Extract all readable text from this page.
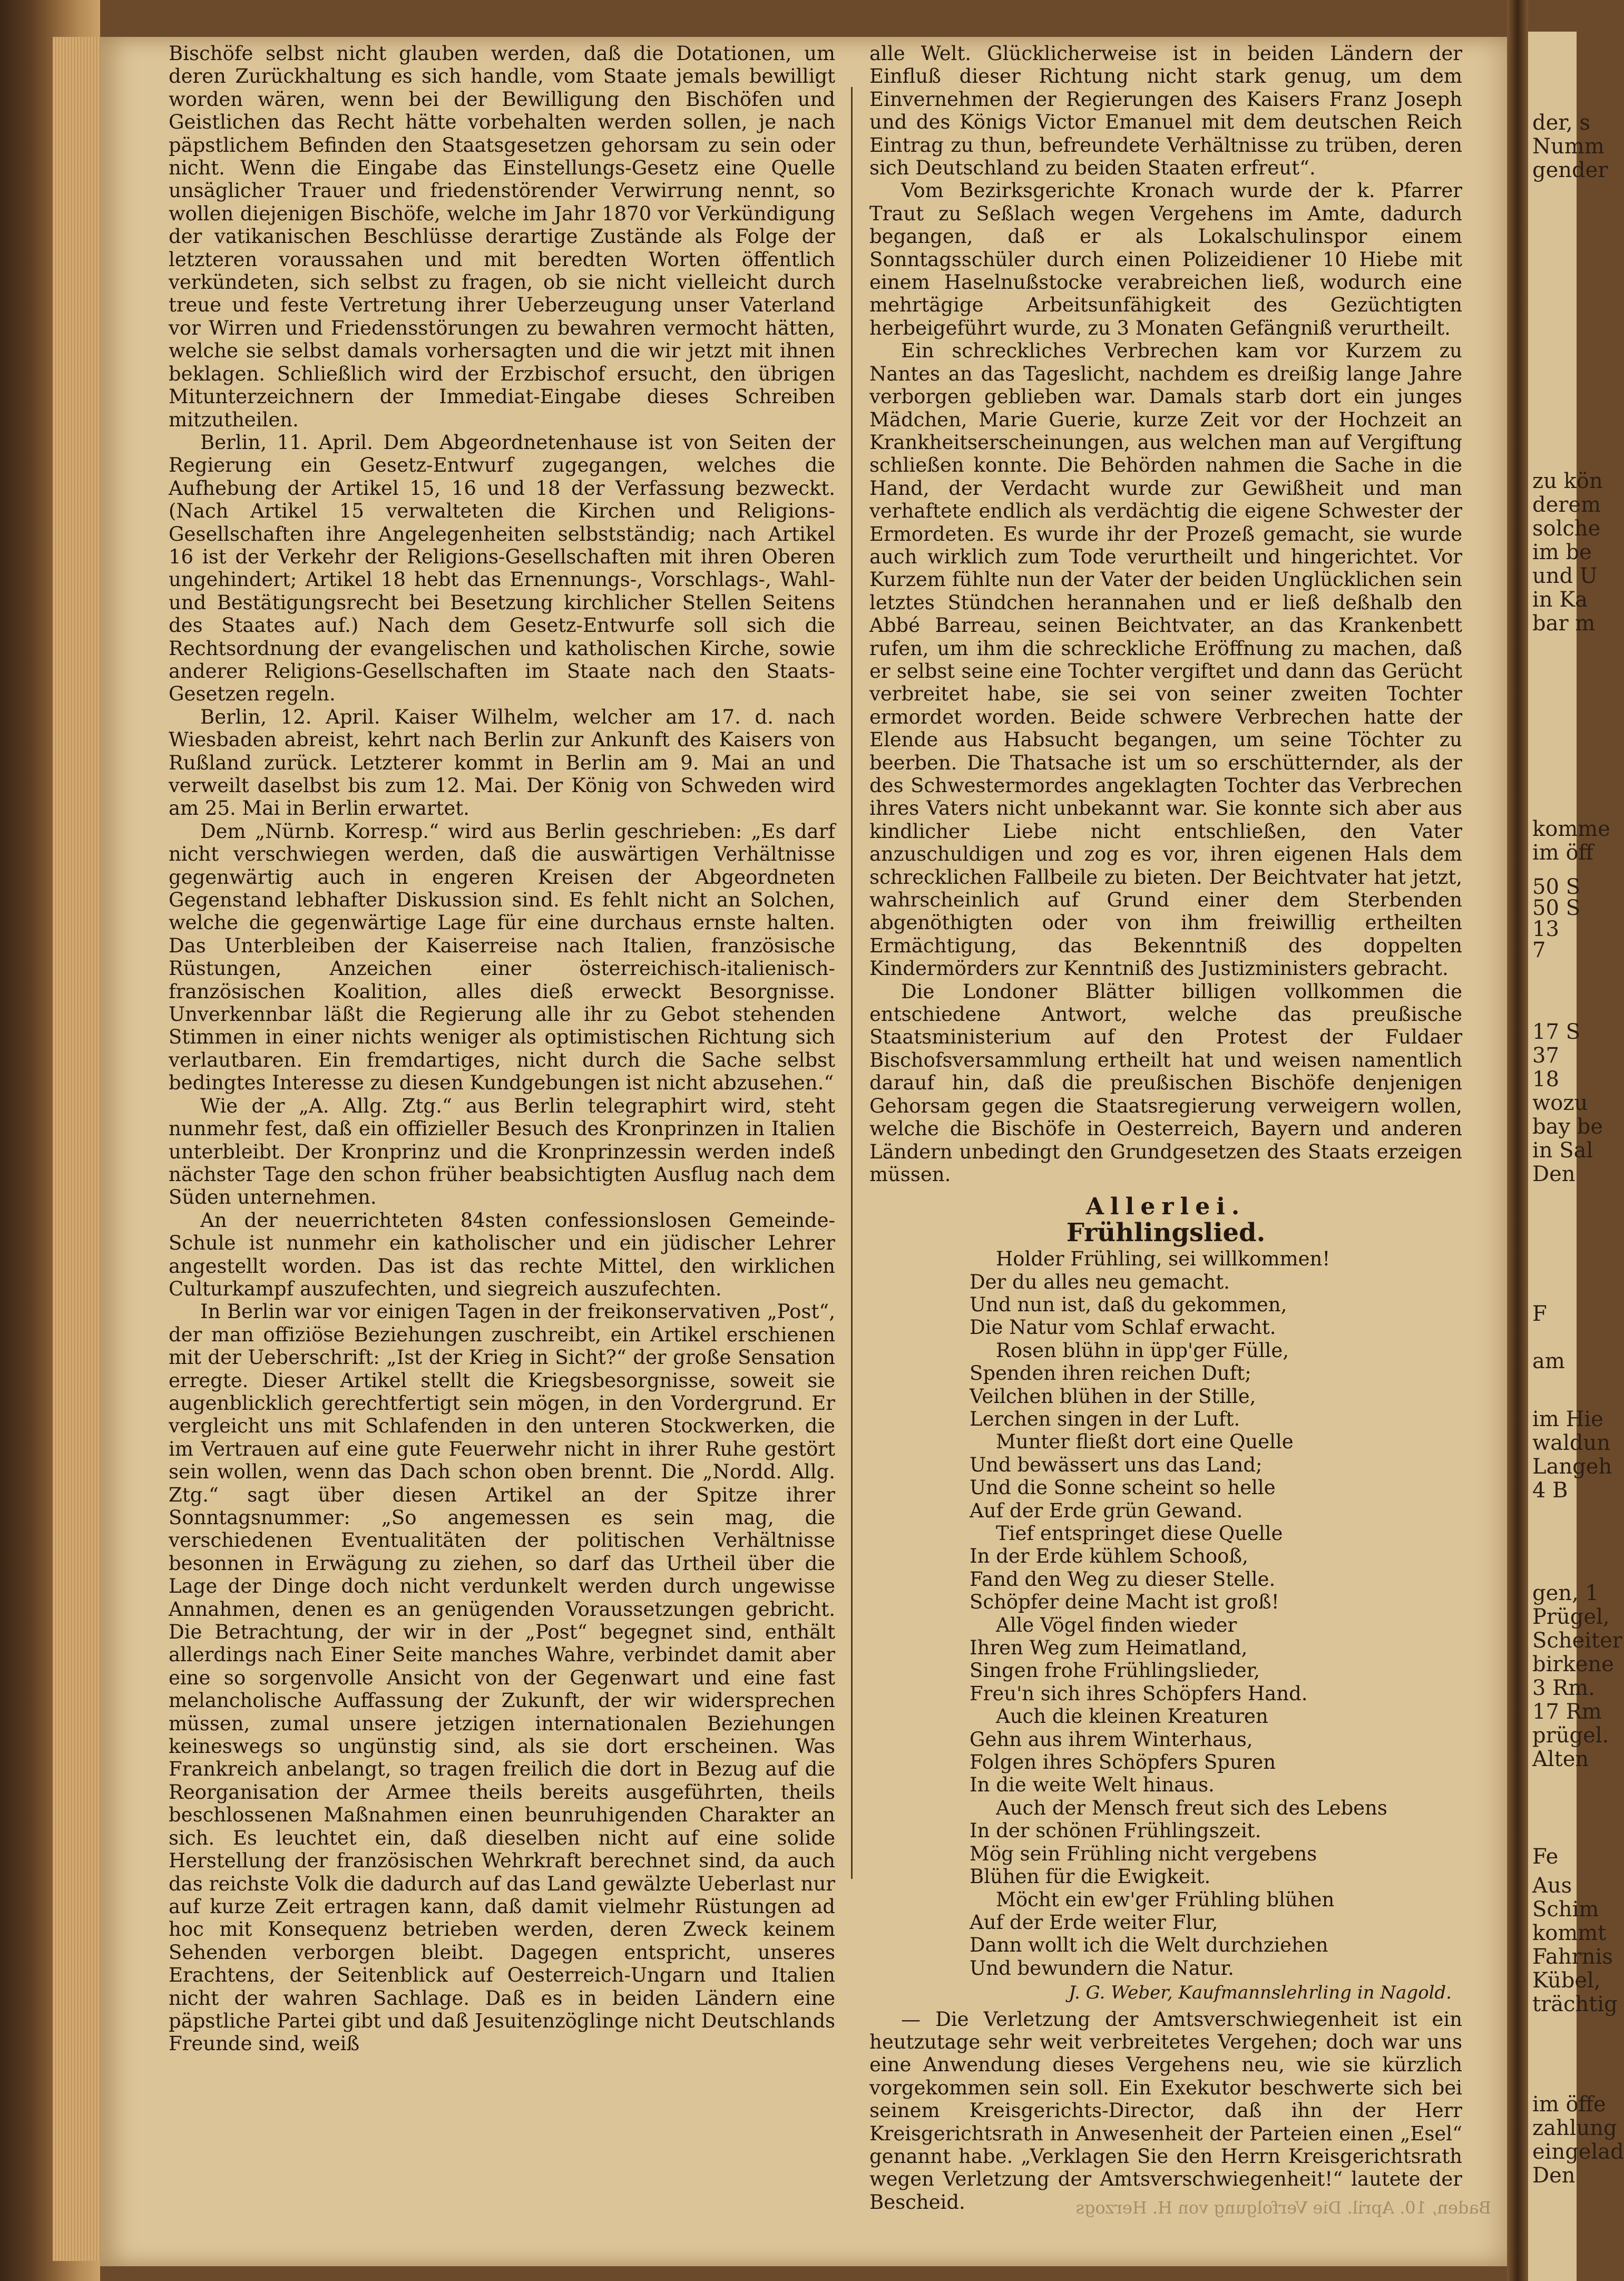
Bischöfe selbst nicht glauben werden, daß die Dotationen, um deren Zurückhaltung es sich handle, vom Staate jemals bewilligt worden wären, wenn bei der Bewilligung den Bischöfen und Geistlichen das Recht hätte vorbehalten werden sollen, je nach päpstlichem Befinden den Staatsgesetzen gehorsam zu sein oder nicht. Wenn die Eingabe das Einstellungs-Gesetz eine Quelle unsäglicher Trauer und friedenstörender Verwirrung nennt, so wollen diejenigen Bischöfe, welche im Jahr 1870 vor Verkündigung der vatikanischen Beschlüsse derartige Zustände als Folge der letzteren voraussahen und mit beredten Worten öffentlich verkündeten, sich selbst zu fragen, ob sie nicht vielleicht durch treue und feste Vertretung ihrer Ueberzeugung unser Vaterland vor Wirren und Friedensstörungen zu bewahren vermocht hätten, welche sie selbst damals vorhersagten und die wir jetzt mit ihnen beklagen. Schließlich wird der Erzbischof ersucht, den übrigen Mitunterzeichnern der Immediat-Eingabe dieses Schreiben mitzutheilen.

Berlin, 11. April. Dem Abgeordnetenhause ist von Seiten der Regierung ein Gesetz-Entwurf zugegangen, welches die Aufhebung der Artikel 15, 16 und 18 der Verfassung bezweckt. (Nach Artikel 15 verwalteten die Kirchen und Religions-Gesellschaften ihre Angelegenheiten selbstständig; nach Artikel 16 ist der Verkehr der Religions-Gesellschaften mit ihren Oberen ungehindert; Artikel 18 hebt das Ernennungs-, Vorschlags-, Wahl- und Bestätigungsrecht bei Besetzung kirchlicher Stellen Seitens des Staates auf.) Nach dem Gesetz-Entwurfe soll sich die Rechtsordnung der evangelischen und katholischen Kirche, sowie anderer Religions-Gesellschaften im Staate nach den Staats-Gesetzen regeln.

Berlin, 12. April. Kaiser Wilhelm, welcher am 17. d. nach Wiesbaden abreist, kehrt nach Berlin zur Ankunft des Kaisers von Rußland zurück. Letzterer kommt in Berlin am 9. Mai an und verweilt daselbst bis zum 12. Mai. Der König von Schweden wird am 25. Mai in Berlin erwartet.

Dem „Nürnb. Korresp.“ wird aus Berlin geschrieben: „Es darf nicht verschwiegen werden, daß die auswärtigen Verhältnisse gegenwärtig auch in engeren Kreisen der Abgeordneten Gegenstand lebhafter Diskussion sind. Es fehlt nicht an Solchen, welche die gegenwärtige Lage für eine durchaus ernste halten. Das Unterbleiben der Kaiserreise nach Italien, französische Rüstungen, Anzeichen einer österreichisch-italienisch-französischen Koalition, alles dieß erweckt Besorgnisse. Unverkennbar läßt die Regierung alle ihr zu Gebot stehenden Stimmen in einer nichts weniger als optimistischen Richtung sich verlautbaren. Ein fremdartiges, nicht durch die Sache selbst bedingtes Interesse zu diesen Kundgebungen ist nicht abzusehen.“

Wie der „A. Allg. Ztg.“ aus Berlin telegraphirt wird, steht nunmehr fest, daß ein offizieller Besuch des Kronprinzen in Italien unterbleibt. Der Kronprinz und die Kronprinzessin werden indeß nächster Tage den schon früher beabsichtigten Ausflug nach dem Süden unternehmen.

An der neuerrichteten 84sten confessionslosen Gemeinde-Schule ist nunmehr ein katholischer und ein jüdischer Lehrer angestellt worden. Das ist das rechte Mittel, den wirklichen Culturkampf auszufechten, und siegreich auszufechten.

In Berlin war vor einigen Tagen in der freikonservativen „Post“, der man offiziöse Beziehungen zuschreibt, ein Artikel erschienen mit der Ueberschrift: „Ist der Krieg in Sicht?“ der große Sensation erregte. Dieser Artikel stellt die Kriegsbesorgnisse, soweit sie augenblicklich gerechtfertigt sein mögen, in den Vordergrund. Er vergleicht uns mit Schlafenden in den unteren Stockwerken, die im Vertrauen auf eine gute Feuerwehr nicht in ihrer Ruhe gestört sein wollen, wenn das Dach schon oben brennt. Die „Nordd. Allg. Ztg.“ sagt über diesen Artikel an der Spitze ihrer Sonntagsnummer: „So angemessen es sein mag, die verschiedenen Eventualitäten der politischen Verhältnisse besonnen in Erwägung zu ziehen, so darf das Urtheil über die Lage der Dinge doch nicht verdunkelt werden durch ungewisse Annahmen, denen es an genügenden Voraussetzungen gebricht. Die Betrachtung, der wir in der „Post“ begegnet sind, enthält allerdings nach Einer Seite manches Wahre, verbindet damit aber eine so sorgenvolle Ansicht von der Gegenwart und eine fast melancholische Auffassung der Zukunft, der wir widersprechen müssen, zumal unsere jetzigen internationalen Beziehungen keineswegs so ungünstig sind, als sie dort erscheinen. Was Frankreich anbelangt, so tragen freilich die dort in Bezug auf die Reorganisation der Armee theils bereits ausgeführten, theils beschlossenen Maßnahmen einen beunruhigenden Charakter an sich. Es leuchtet ein, daß dieselben nicht auf eine solide Herstellung der französischen Wehrkraft berechnet sind, da auch das reichste Volk die dadurch auf das Land gewälzte Ueberlast nur auf kurze Zeit ertragen kann, daß damit vielmehr Rüstungen ad hoc mit Konsequenz betrieben werden, deren Zweck keinem Sehenden verborgen bleibt. Dagegen entspricht, unseres Erachtens, der Seitenblick auf Oesterreich-Ungarn und Italien nicht der wahren Sachlage. Daß es in beiden Ländern eine päpstliche Partei gibt und daß Jesuitenzöglinge nicht Deutschlands Freunde sind, weiß

alle Welt. Glücklicherweise ist in beiden Ländern der Einfluß dieser Richtung nicht stark genug, um dem Einvernehmen der Regierungen des Kaisers Franz Joseph und des Königs Victor Emanuel mit dem deutschen Reich Eintrag zu thun, befreundete Verhältnisse zu trüben, deren sich Deutschland zu beiden Staaten erfreut“.

Vom Bezirksgerichte Kronach wurde der k. Pfarrer Traut zu Seßlach wegen Vergehens im Amte, dadurch begangen, daß er als Lokalschulinspor einem Sonntagsschüler durch einen Polizeidiener 10 Hiebe mit einem Haselnußstocke verabreichen ließ, wodurch eine mehrtägige Arbeitsunfähigkeit des Gezüchtigten herbeigeführt wurde, zu 3 Monaten Gefängniß verurtheilt.

Ein schreckliches Verbrechen kam vor Kurzem zu Nantes an das Tageslicht, nachdem es dreißig lange Jahre verborgen geblieben war. Damals starb dort ein junges Mädchen, Marie Guerie, kurze Zeit vor der Hochzeit an Krankheitserscheinungen, aus welchen man auf Vergiftung schließen konnte. Die Behörden nahmen die Sache in die Hand, der Verdacht wurde zur Gewißheit und man verhaftete endlich als verdächtig die eigene Schwester der Ermordeten. Es wurde ihr der Prozeß gemacht, sie wurde auch wirklich zum Tode verurtheilt und hingerichtet. Vor Kurzem fühlte nun der Vater der beiden Unglücklichen sein letztes Stündchen herannahen und er ließ deßhalb den Abbé Barreau, seinen Beichtvater, an das Krankenbett rufen, um ihm die schreckliche Eröffnung zu machen, daß er selbst seine eine Tochter vergiftet und dann das Gerücht verbreitet habe, sie sei von seiner zweiten Tochter ermordet worden. Beide schwere Verbrechen hatte der Elende aus Habsucht begangen, um seine Töchter zu beerben. Die Thatsache ist um so erschütternder, als der des Schwestermordes angeklagten Tochter das Verbrechen ihres Vaters nicht unbekannt war. Sie konnte sich aber aus kindlicher Liebe nicht entschließen, den Vater anzuschuldigen und zog es vor, ihren eigenen Hals dem schrecklichen Fallbeile zu bieten. Der Beichtvater hat jetzt, wahrscheinlich auf Grund einer dem Sterbenden abgenöthigten oder von ihm freiwillig ertheilten Ermächtigung, das Bekenntniß des doppelten Kindermörders zur Kenntniß des Justizministers gebracht.

Die Londoner Blätter billigen vollkommen die entschiedene Antwort, welche das preußische Staatsministerium auf den Protest der Fuldaer Bischofsversammlung ertheilt hat und weisen namentlich darauf hin, daß die preußischen Bischöfe denjenigen Gehorsam gegen die Staatsregierung verweigern wollen, welche die Bischöfe in Oesterreich, Bayern und anderen Ländern unbedingt den Grundgesetzen des Staats erzeigen müssen.

Allerlei.
Frühlingslied.
Holder Frühling, sei willkommen!
Der du alles neu gemacht.
Und nun ist, daß du gekommen,
Die Natur vom Schlaf erwacht.
Rosen blühn in üpp'ger Fülle,
Spenden ihren reichen Duft;
Veilchen blühen in der Stille,
Lerchen singen in der Luft.
Munter fließt dort eine Quelle
Und bewässert uns das Land;
Und die Sonne scheint so helle
Auf der Erde grün Gewand.
Tief entspringet diese Quelle
In der Erde kühlem Schooß,
Fand den Weg zu dieser Stelle.
Schöpfer deine Macht ist groß!
Alle Vögel finden wieder
Ihren Weg zum Heimatland,
Singen frohe Frühlingslieder,
Freu'n sich ihres Schöpfers Hand.
Auch die kleinen Kreaturen
Gehn aus ihrem Winterhaus,
Folgen ihres Schöpfers Spuren
In die weite Welt hinaus.
Auch der Mensch freut sich des Lebens
In der schönen Frühlingszeit.
Mög sein Frühling nicht vergebens
Blühen für die Ewigkeit.
Möcht ein ew'ger Frühling blühen
Auf der Erde weiter Flur,
Dann wollt ich die Welt durchziehen
Und bewundern die Natur.
J. G. Weber, Kaufmannslehrling in Nagold.

— Die Verletzung der Amtsverschwiegenheit ist ein heutzutage sehr weit verbreitetes Vergehen; doch war uns eine Anwendung dieses Vergehens neu, wie sie kürzlich vorgekommen sein soll. Ein Exekutor beschwerte sich bei seinem Kreisgerichts-Director, daß ihn der Herr Kreisgerichtsrath in Anwesenheit der Parteien einen „Esel“ genannt habe. „Verklagen Sie den Herrn Kreisgerichtsrath wegen Verletzung der Amtsverschwiegenheit!“ lautete der Bescheid.	Baden, 10. April. Die Verfolgung von H. Herzogs
der, s
Numm
gender
zu kön
derem
solche
im be
und U
in Ka
bar m
komme
im öff
50 S
50 S
13
7
17 S
37
18
wozu
bay be
in Sal
Den
F
am
im Hie
waldun
Langeh
4 B
gen, 1
Prügel,
Scheiter
birkene
3 Rm.
17 Rm
prügel.
Alten
Fe
Aus
Schim
kommt
Fahrnis
Kübel,
trächtig
im öffe
zahlung
eingelad
Den
